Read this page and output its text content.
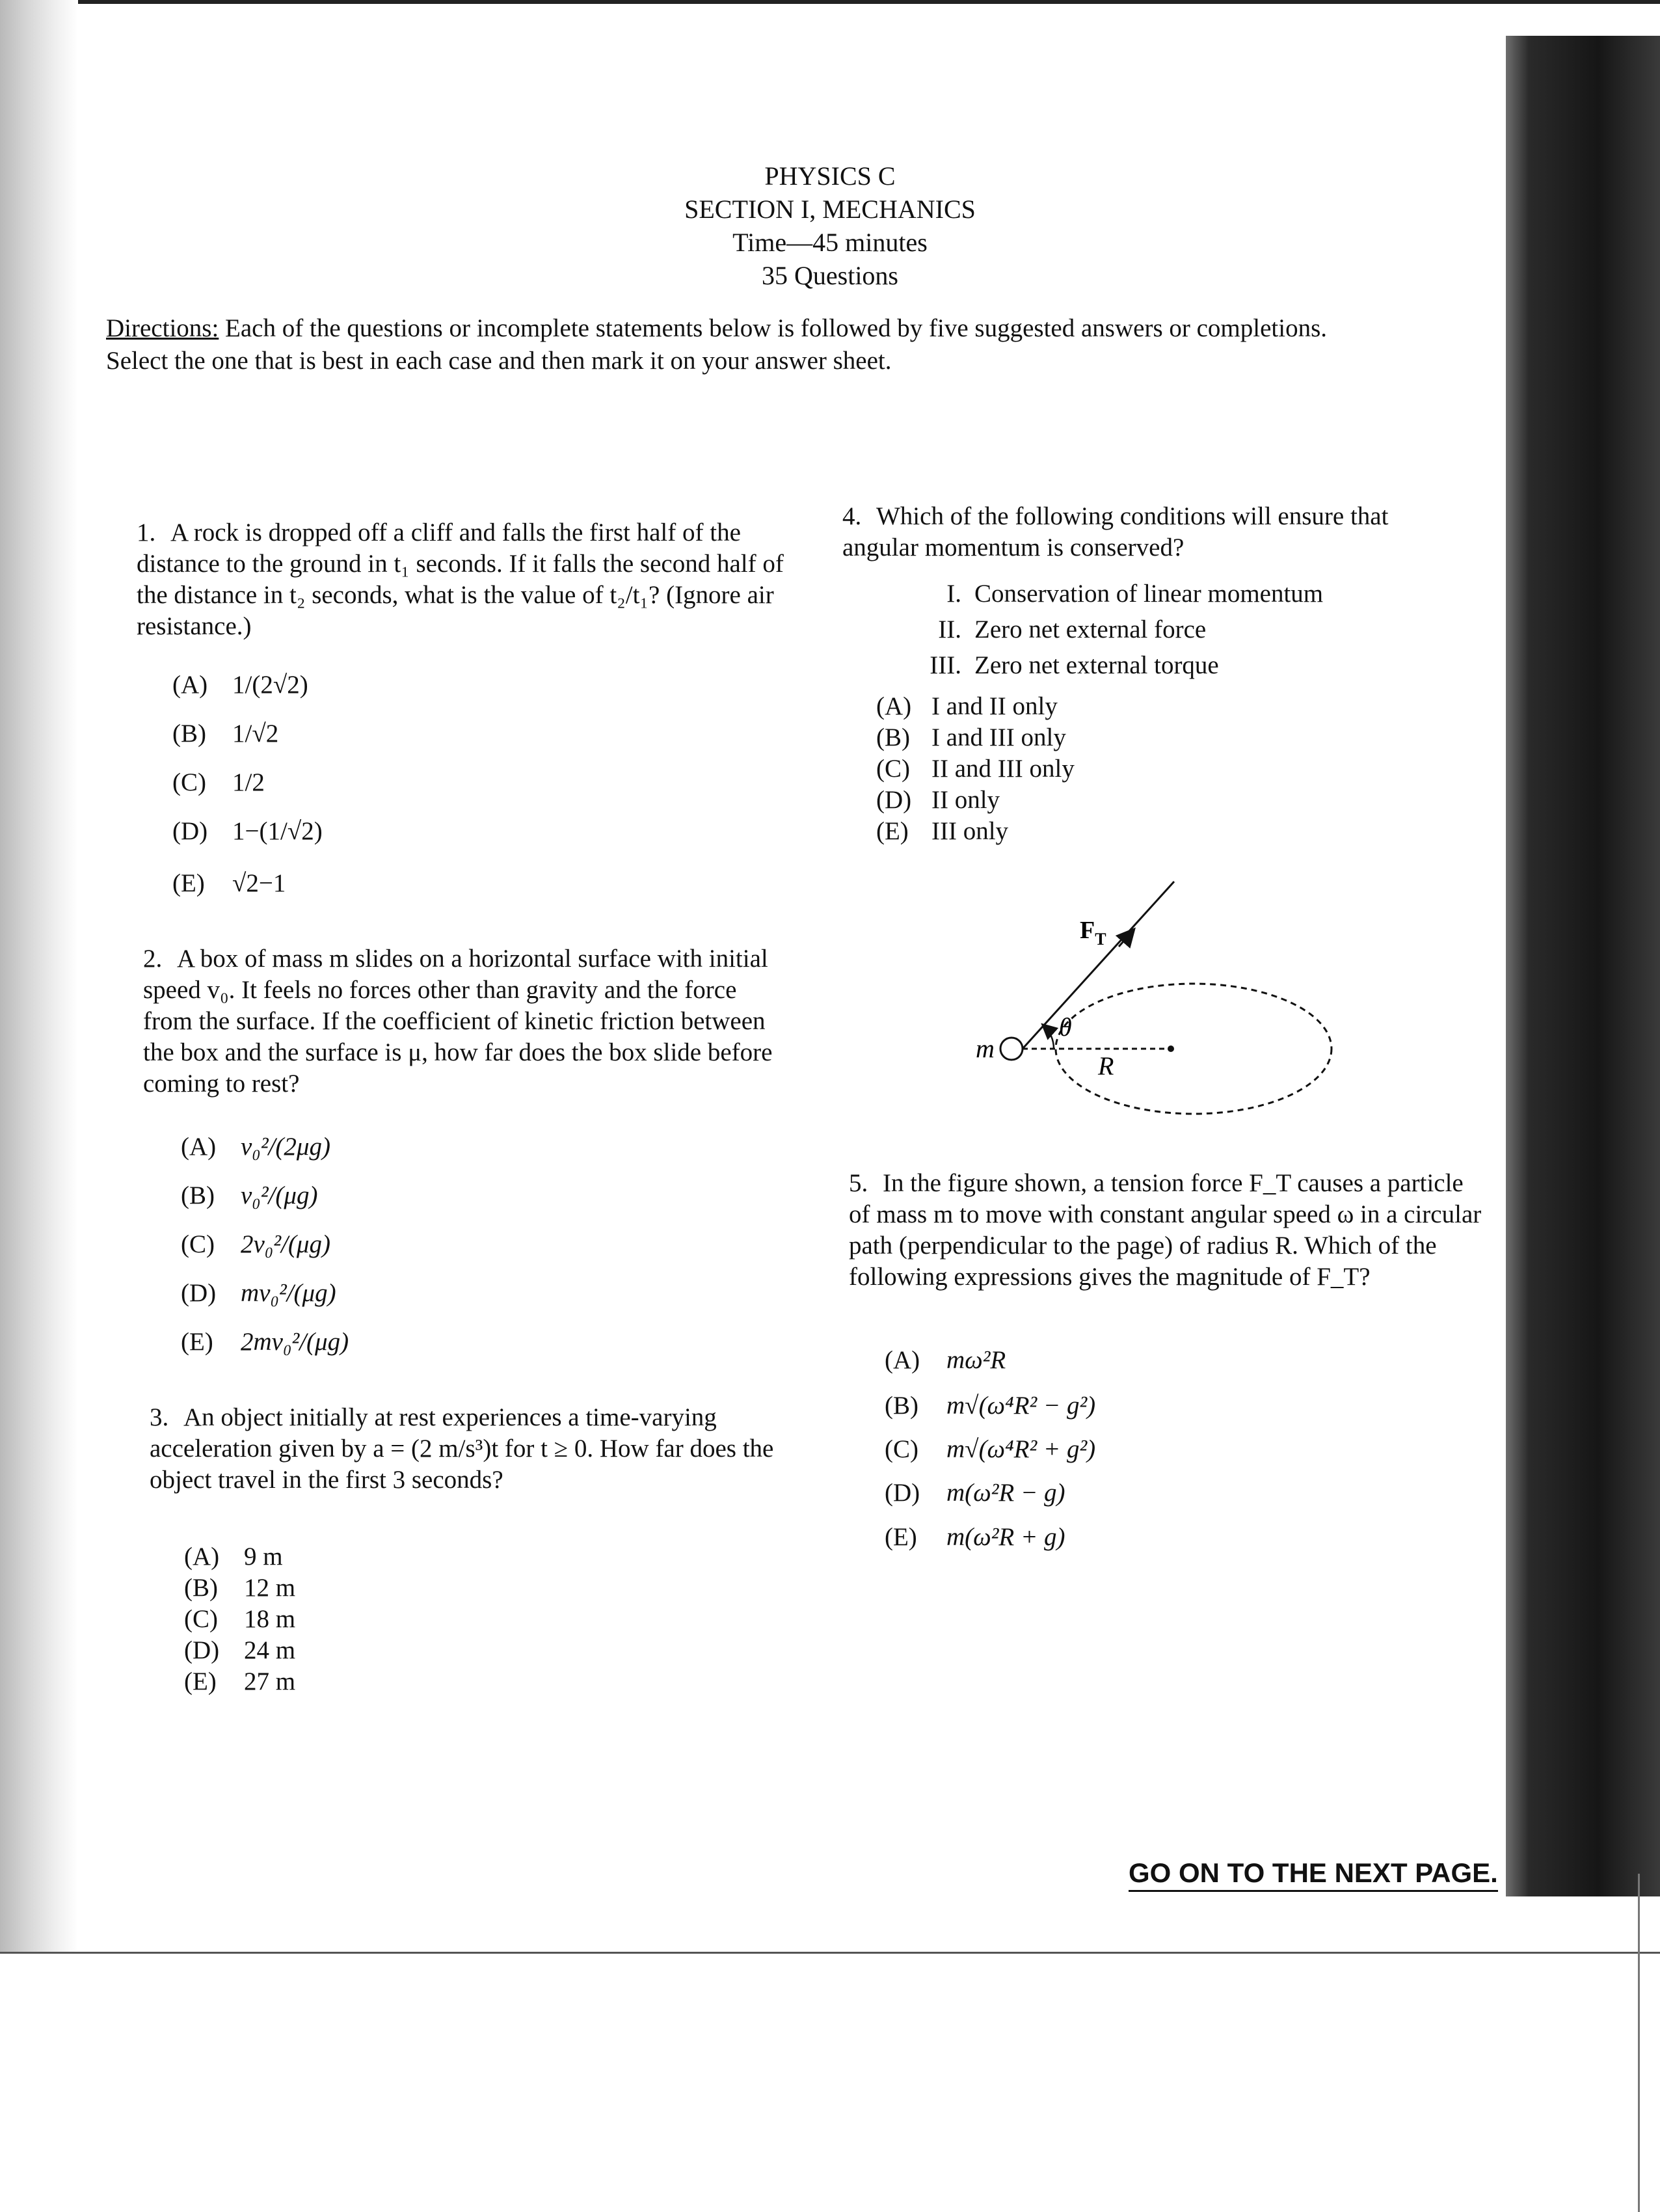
PHYSICS C
SECTION I, MECHANICS
Time—45 minutes
35 Questions
Directions: Each of the questions or incomplete statements below is followed by five suggested answers or completions. Select the one that is best in each case and then mark it on your answer sheet.
1. A rock is dropped off a cliff and falls the first half of the distance to the ground in t₁ seconds. If it falls the second half of the distance in t₂ seconds, what is the value of t₂/t₁? (Ignore air resistance.)
(A) 1/(2√2)
(B) 1/√2
(C) 1/2
(D) 1−(1/√2)
(E) √2−1
2. A box of mass m slides on a horizontal surface with initial speed v₀. It feels no forces other than gravity and the force from the surface. If the coefficient of kinetic friction between the box and the surface is μ, how far does the box slide before coming to rest?
(A) v₀²/(2μg)
(B) v₀²/(μg)
(C) 2v₀²/(μg)
(D) mv₀²/(μg)
(E) 2mv₀²/(μg)
3. An object initially at rest experiences a time-varying acceleration given by a = (2 m/s³)t for t ≥ 0. How far does the object travel in the first 3 seconds?
(A) 9 m
(B) 12 m
(C) 18 m
(D) 24 m
(E) 27 m
4. Which of the following conditions will ensure that angular momentum is conserved?
I. Conservation of linear momentum
II. Zero net external force
III. Zero net external torque
(A) I and II only
(B) I and III only
(C) II and III only
(D) II only
(E) III only
$F_T$
θ
m
R
5. In the figure shown, a tension force F_T causes a particle of mass m to move with constant angular speed ω in a circular path (perpendicular to the page) of radius R. Which of the following expressions gives the magnitude of F_T?
(A) mω²R
(B) m√(ω⁴R² − g²)
(C) m√(ω⁴R² + g²)
(D) m(ω²R − g)
(E) m(ω²R + g)
GO ON TO THE NEXT PAGE.
